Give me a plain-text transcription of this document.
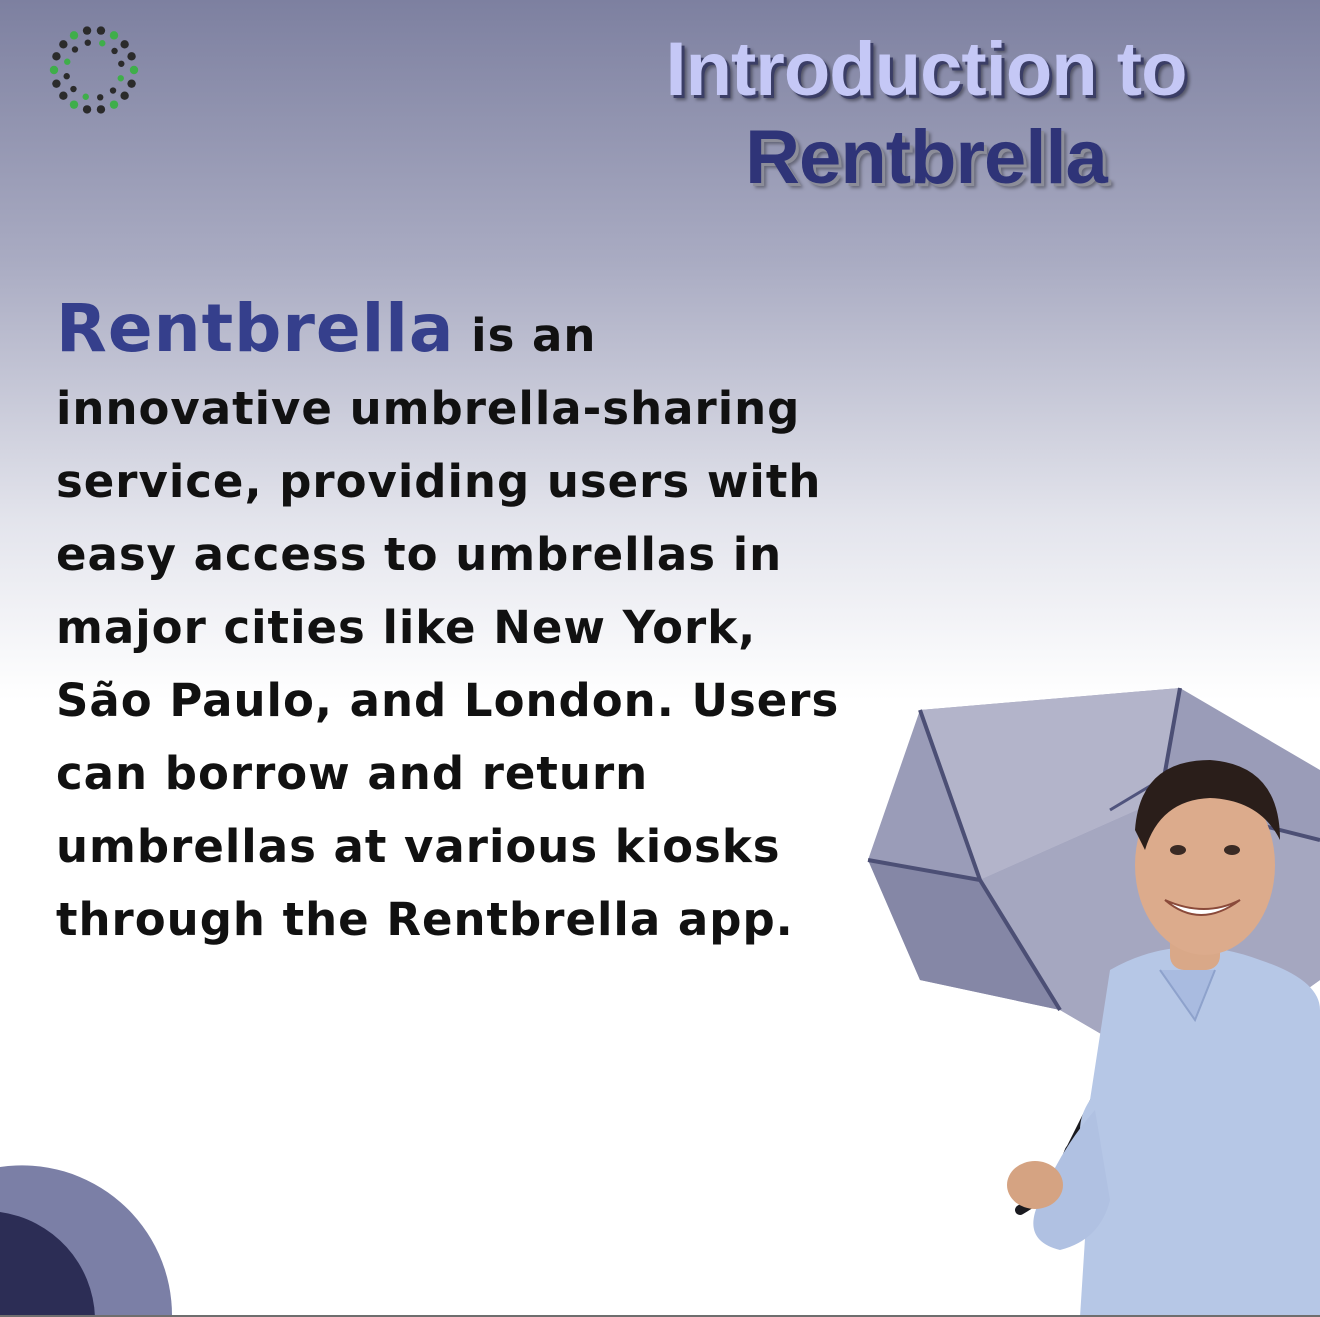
Introduction to
Rentbrella
Rentbrella is an innovative umbrella-sharing service, providing users with easy access to umbrellas in major cities like New York, São Paulo, and London. Users can borrow and return umbrellas at various kiosks through the Rentbrella app.
